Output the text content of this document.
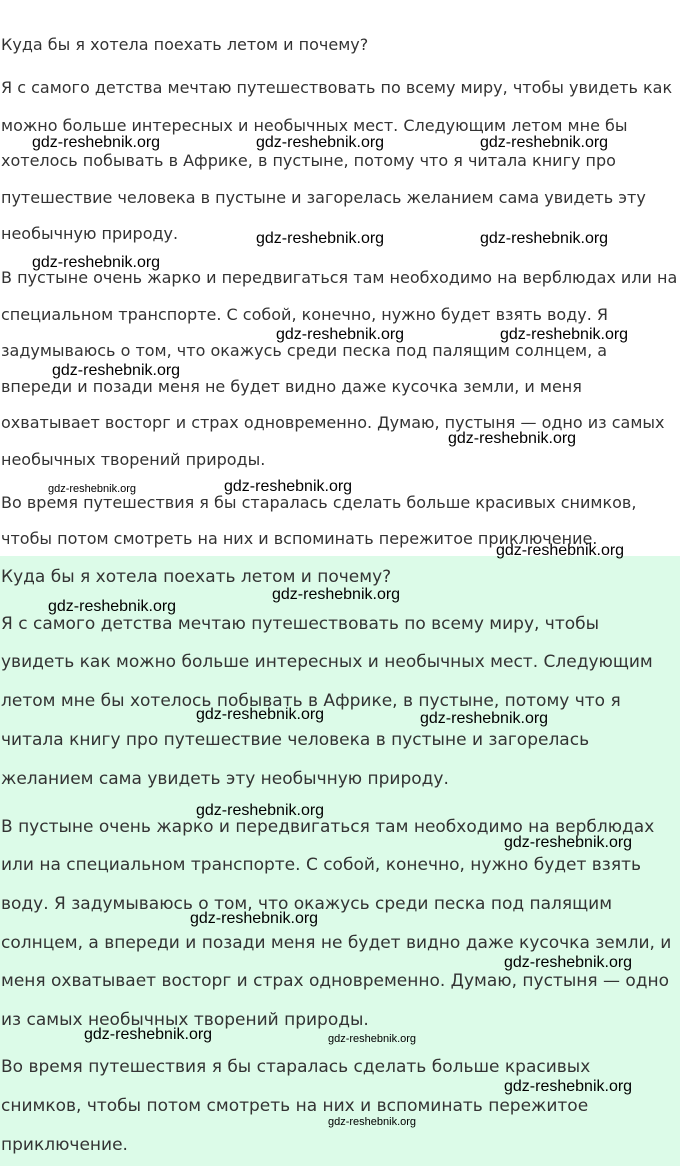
Куда бы я хотела поехать летом и почему?
Я с самого детства мечтаю путешествовать по всему миру, чтобы увидеть как
можно больше интересных и необычных мест. Следующим летом мне бы
хотелось побывать в Африке, в пустыне, потому что я читала книгу про
путешествие человека в пустыне и загорелась желанием сама увидеть эту
необычную природу.
В пустыне очень жарко и передвигаться там необходимо на верблюдах или на
специальном транспорте. С собой, конечно, нужно будет взять воду. Я
задумываюсь о том, что окажусь среди песка под палящим солнцем, а
впереди и позади меня не будет видно даже кусочка земли, и меня
охватывает восторг и страх одновременно. Думаю, пустыня — одно из самых
необычных творений природы.
Во время путешествия я бы старалась сделать больше красивых снимков,
чтобы потом смотреть на них и вспоминать пережитое приключение.
Куда бы я хотела поехать летом и почему?
Я с самого детства мечтаю путешествовать по всему миру, чтобы
увидеть как можно больше интересных и необычных мест. Следующим
летом мне бы хотелось побывать в Африке, в пустыне, потому что я
читала книгу про путешествие человека в пустыне и загорелась
желанием сама увидеть эту необычную природу.
В пустыне очень жарко и передвигаться там необходимо на верблюдах
или на специальном транспорте. С собой, конечно, нужно будет взять
воду. Я задумываюсь о том, что окажусь среди песка под палящим
солнцем, а впереди и позади меня не будет видно даже кусочка земли, и
меня охватывает восторг и страх одновременно. Думаю, пустыня — одно
из самых необычных творений природы.
Во время путешествия я бы старалась сделать больше красивых
снимков, чтобы потом смотреть на них и вспоминать пережитое
приключение.
gdz-reshebnik.org	gdz-reshebnik.org	gdz-reshebnik.org
gdz-reshebnik.org	gdz-reshebnik.org
gdz-reshebnik.org
gdz-reshebnik.org	gdz-reshebnik.org
gdz-reshebnik.org
gdz-reshebnik.org
gdz-reshebnik.org	gdz-reshebnik.org
gdz-reshebnik.org
gdz-reshebnik.org
gdz-reshebnik.org
gdz-reshebnik.org	gdz-reshebnik.org
gdz-reshebnik.org
gdz-reshebnik.org
gdz-reshebnik.org
gdz-reshebnik.org
gdz-reshebnik.org	gdz-reshebnik.org
gdz-reshebnik.org
gdz-reshebnik.org
